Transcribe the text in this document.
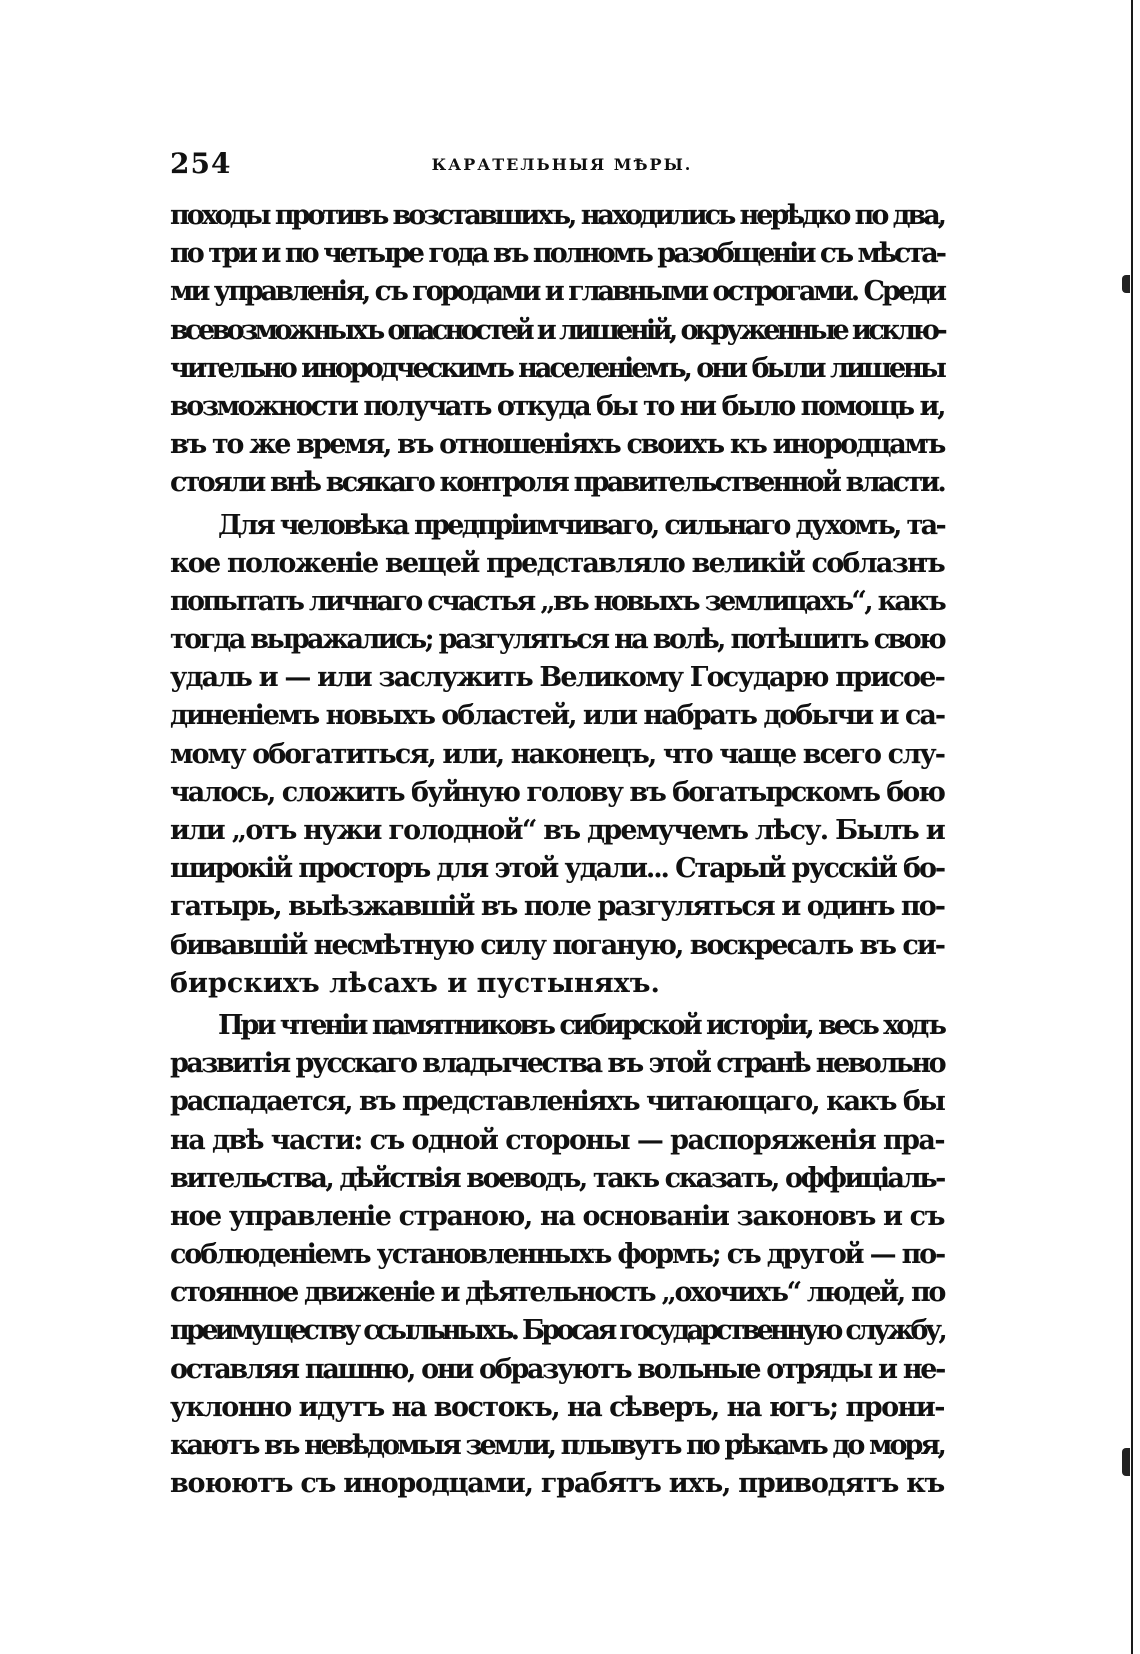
254	КАРАТЕЛЬНЫЯ МѢРЫ.
походы противъ возставшихъ, находились нерѣдко по два,
по три и по четыре года въ полномъ разобщеніи съ мѣста-
ми управленія, съ городами и главными острогами. Среди
всевозможныхъ опасностей и лишеній, окруженные исклю-
чительно инородческимъ населеніемъ, они были лишены
возможности получать откуда бы то ни было помощь и,
въ то же время, въ отношеніяхъ своихъ къ инородцамъ
стояли внѣ всякаго контроля правительственной власти.
Для человѣка предпріимчиваго, сильнаго духомъ, та-
кое положеніе вещей представляло великій соблазнъ
попытать личнаго счастья „въ новыхъ землицахъ“, какъ
тогда выражались; разгуляться на волѣ, потѣшить свою
удаль и — или заслужить Великому Государю присое-
диненіемъ новыхъ областей, или набрать добычи и са-
мому обогатиться, или, наконецъ, что чаще всего слу-
чалось, сложить буйную голову въ богатырскомъ бою
или „отъ нужи голодной“ въ дремучемъ лѣсу. Былъ и
широкій просторъ для этой удали... Старый русскій бо-
гатырь, выѣзжавшій въ поле разгуляться и одинъ по-
бивавшій несмѣтную силу поганую, воскресалъ въ си-
бирскихъ лѣсахъ и пустыняхъ.
При чтеніи памятниковъ сибирской исторіи, весь ходъ
развитія русскаго владычества въ этой странѣ невольно
распадается, въ представленіяхъ читающаго, какъ бы
на двѣ части: съ одной стороны — распоряженія пра-
вительства, дѣйствія воеводъ, такъ сказать, оффиціаль-
ное управленіе страною, на основаніи законовъ и съ
соблюденіемъ установленныхъ формъ; съ другой — по-
стоянное движеніе и дѣятельность „охочихъ“ людей, по
преимуществу ссыльныхъ. Бросая государственную службу,
оставляя пашню, они образуютъ вольные отряды и не-
уклонно идутъ на востокъ, на сѣверъ, на югъ; прони-
каютъ въ невѣдомыя земли, плывутъ по рѣкамъ до моря,
воюютъ съ инородцами, грабятъ ихъ, приводятъ къ
